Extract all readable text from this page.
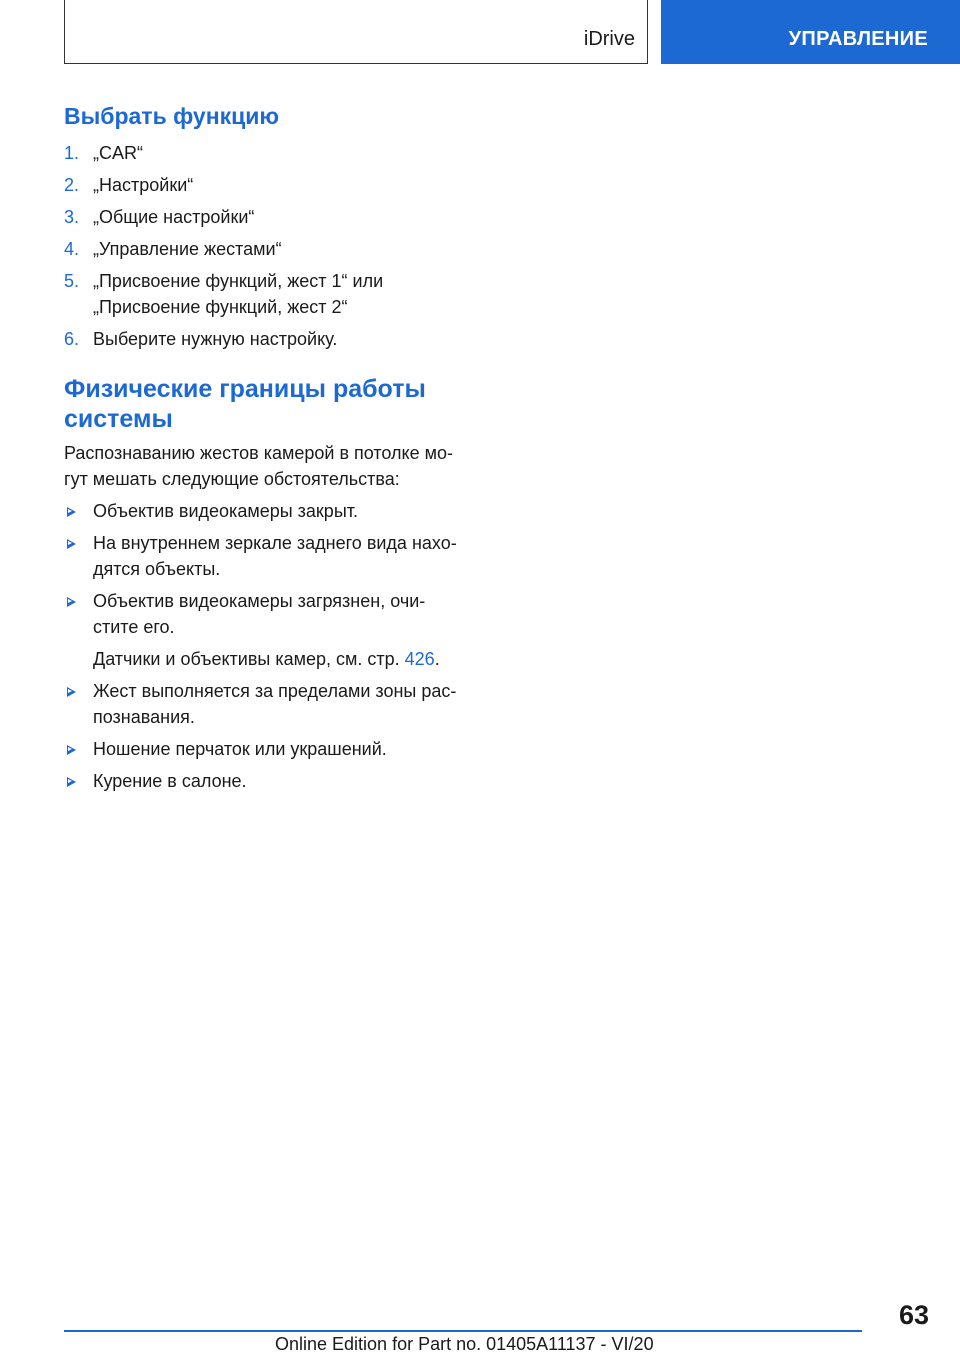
iDrive	УПРАВЛЕНИЕ
Выбрать функцию
1. „CAR“
2. „Настройки“
3. „Общие настройки“
4. „Управление жестами“
5. „Присвоение функций, жест 1“ или
„Присвоение функций, жест 2“
6. Выберите нужную настройку.
Физические границы работы
системы

Распознаванию жестов камерой в потолке мо-
гут мешать следующие обстоятельства:

Объектив видеокамеры закрыт.
На внутреннем зеркале заднего вида нахо-
дятся объекты.
Объектив видеокамеры загрязнен, очи-
стите его.
Датчики и объективы камер, см. стр. 426.
Жест выполняется за пределами зоны рас-
познавания.
Ношение перчаток или украшений.
Курение в салоне.
63
Online Edition for Part no. 01405A11137 - VI/20
